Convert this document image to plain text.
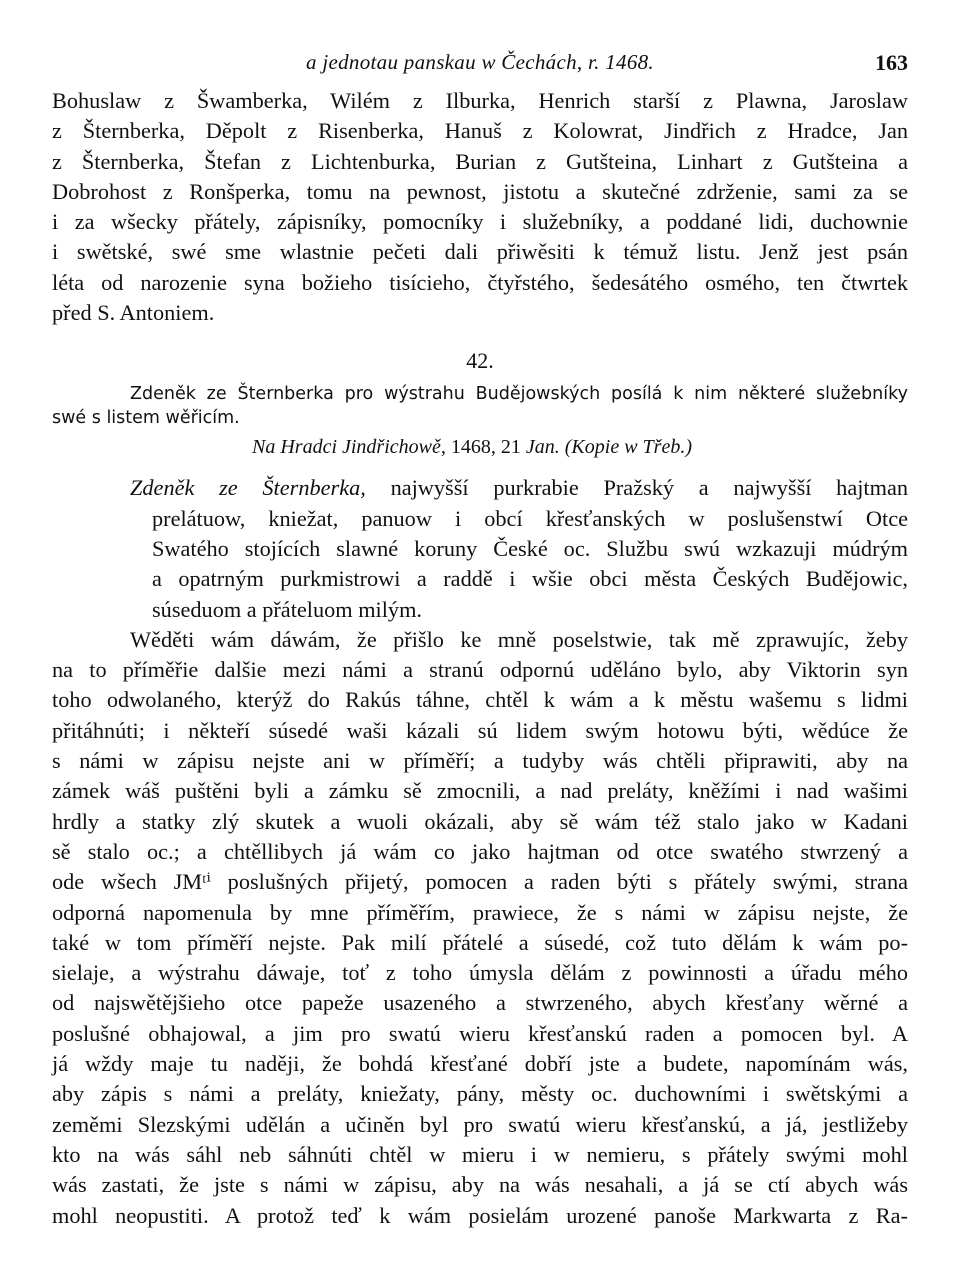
a jednotau panskau w Čechách, r. 1468.	163

Bohuslaw z Šwamberka, Wilém z Ilburka, Henrich starší z Plawna, Jaroslaw
z Šternberka, Děpolt z Risenberka, Hanuš z Kolowrat, Jindřich z Hradce, Jan
z Šternberka, Štefan z Lichtenburka, Burian z Gutšteina, Linhart z Gutšteina a
Dobrohost z Ronšperka, tomu na pewnost, jistotu a skutečné zdrženie, sami za se
i za wšecky přátely, zápisníky, pomocníky i služebníky, a poddané lidi, duchownie
i swětské, swé sme wlastnie pečeti dali přiwěsiti k témuž listu. Jenž jest psán
léta od narozenie syna božieho tisícieho, čtyřstého, šedesátého osmého, ten čtwrtek
před S. Antoniem.

42.

Zdeněk ze Šternberka pro wýstrahu Budějowských posílá k nim některé služebníky
swé s listem wěřicím.

Na Hradci Jindřichowě, 1468, 21 Jan. (Kopie w Třeb.)

Zdeněk ze Šternberka, najwyšší purkrabie Pražský a najwyšší hajtman
prelátuow, kniežat, panuow i obcí křesťanských w poslušenstwí Otce
Swatého stojících slawné koruny České oc. Službu swú wzkazuji múdrým
a opatrným purkmistrowi a raddě i wšie obci města Českých Budějowic,
súseduom a přáteluom milým.

Wěděti wám dáwám, že přišlo ke mně poselstwie, tak mě zprawujíc, žeby
na to příměřie dalšie mezi námi a stranú odpornú uděláno bylo, aby Viktorin syn
toho odwolaného, kterýž do Rakús táhne, chtěl k wám a k městu wašemu s lidmi
přitáhnúti; i někteří súsedé waši kázali sú lidem swým hotowu býti, wědúce že
s námi w zápisu nejste ani w příměří; a tudyby wás chtěli připrawiti, aby na
zámek wáš puštěni byli a zámku sě zmocnili, a nad preláty, kněžími i nad wašimi
hrdly a statky zlý skutek a wuoli okázali, aby sě wám též stalo jako w Kadani
sě stalo oc.; a chtěllibych já wám co jako hajtman od otce swatého stwrzený a
ode wšech JMᵗⁱ poslušných přijetý, pomocen a raden býti s přátely swými, strana
odporná napomenula by mne příměřím, prawiece, že s námi w zápisu nejste, že
také w tom příměří nejste. Pak milí přátelé a súsedé, což tuto dělám k wám po-
sielaje, a wýstrahu dáwaje, toť z toho úmysla dělám z powinnosti a úřadu mého
od najswětějšieho otce papeže usazeného a stwrzeného, abych křesťany wěrné a
poslušné obhajowal, a jim pro swatú wieru křesťanskú raden a pomocen byl. A
já wždy maje tu naději, že bohdá křesťané dobří jste a budete, napomínám wás,
aby zápis s námi a preláty, kniežaty, pány, městy oc. duchowními i swětskými a
zeměmi Slezskými udělán a učiněn byl pro swatú wieru křesťanskú, a já, jestližeby
kto na wás sáhl neb sáhnúti chtěl w mieru i w nemieru, s přátely swými mohl
wás zastati, že jste s námi w zápisu, aby na wás nesahali, a já se ctí abych wás
mohl neopustiti. A protož teď k wám posielám urozené panoše Markwarta z Ra-
